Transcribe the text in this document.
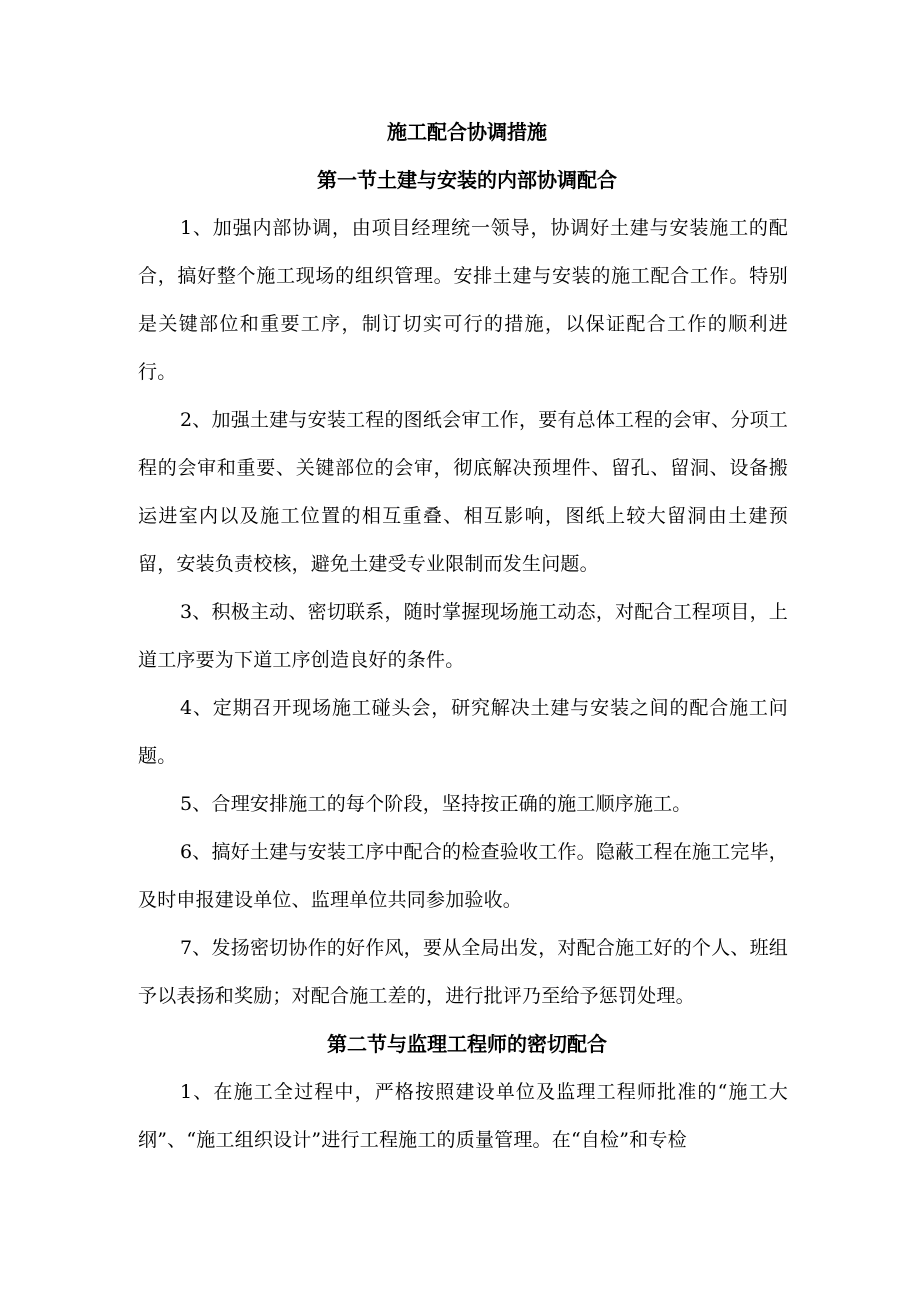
施工配合协调措施
第一节土建与安装的内部协调配合

1、加强内部协调，由项目经理统一领导，协调好土建与安装施工的配合，搞好整个施工现场的组织管理。安排土建与安装的施工配合工作。特别是关键部位和重要工序，制订切实可行的措施，以保证配合工作的顺利进行。

2、加强土建与安装工程的图纸会审工作，要有总体工程的会审、分项工程的会审和重要、关键部位的会审，彻底解决预埋件、留孔、留洞、设备搬运进室内以及施工位置的相互重叠、相互影响，图纸上较大留洞由土建预留，安装负责校核，避免土建受专业限制而发生问题。

3、积极主动、密切联系，随时掌握现场施工动态，对配合工程项目，上道工序要为下道工序创造良好的条件。

4、定期召开现场施工碰头会，研究解决土建与安装之间的配合施工问题。

5、合理安排施工的每个阶段，坚持按正确的施工顺序施工。

6、搞好土建与安装工序中配合的检查验收工作。隐蔽工程在施工完毕，及时申报建设单位、监理单位共同参加验收。

7、发扬密切协作的好作风，要从全局出发，对配合施工好的个人、班组予以表扬和奖励；对配合施工差的，进行批评乃至给予惩罚处理。

第二节与监理工程师的密切配合

1、在施工全过程中，严格按照建设单位及监理工程师批准的“施工大纲”、“施工组织设计”进行工程施工的质量管理。在“自检”和专检
